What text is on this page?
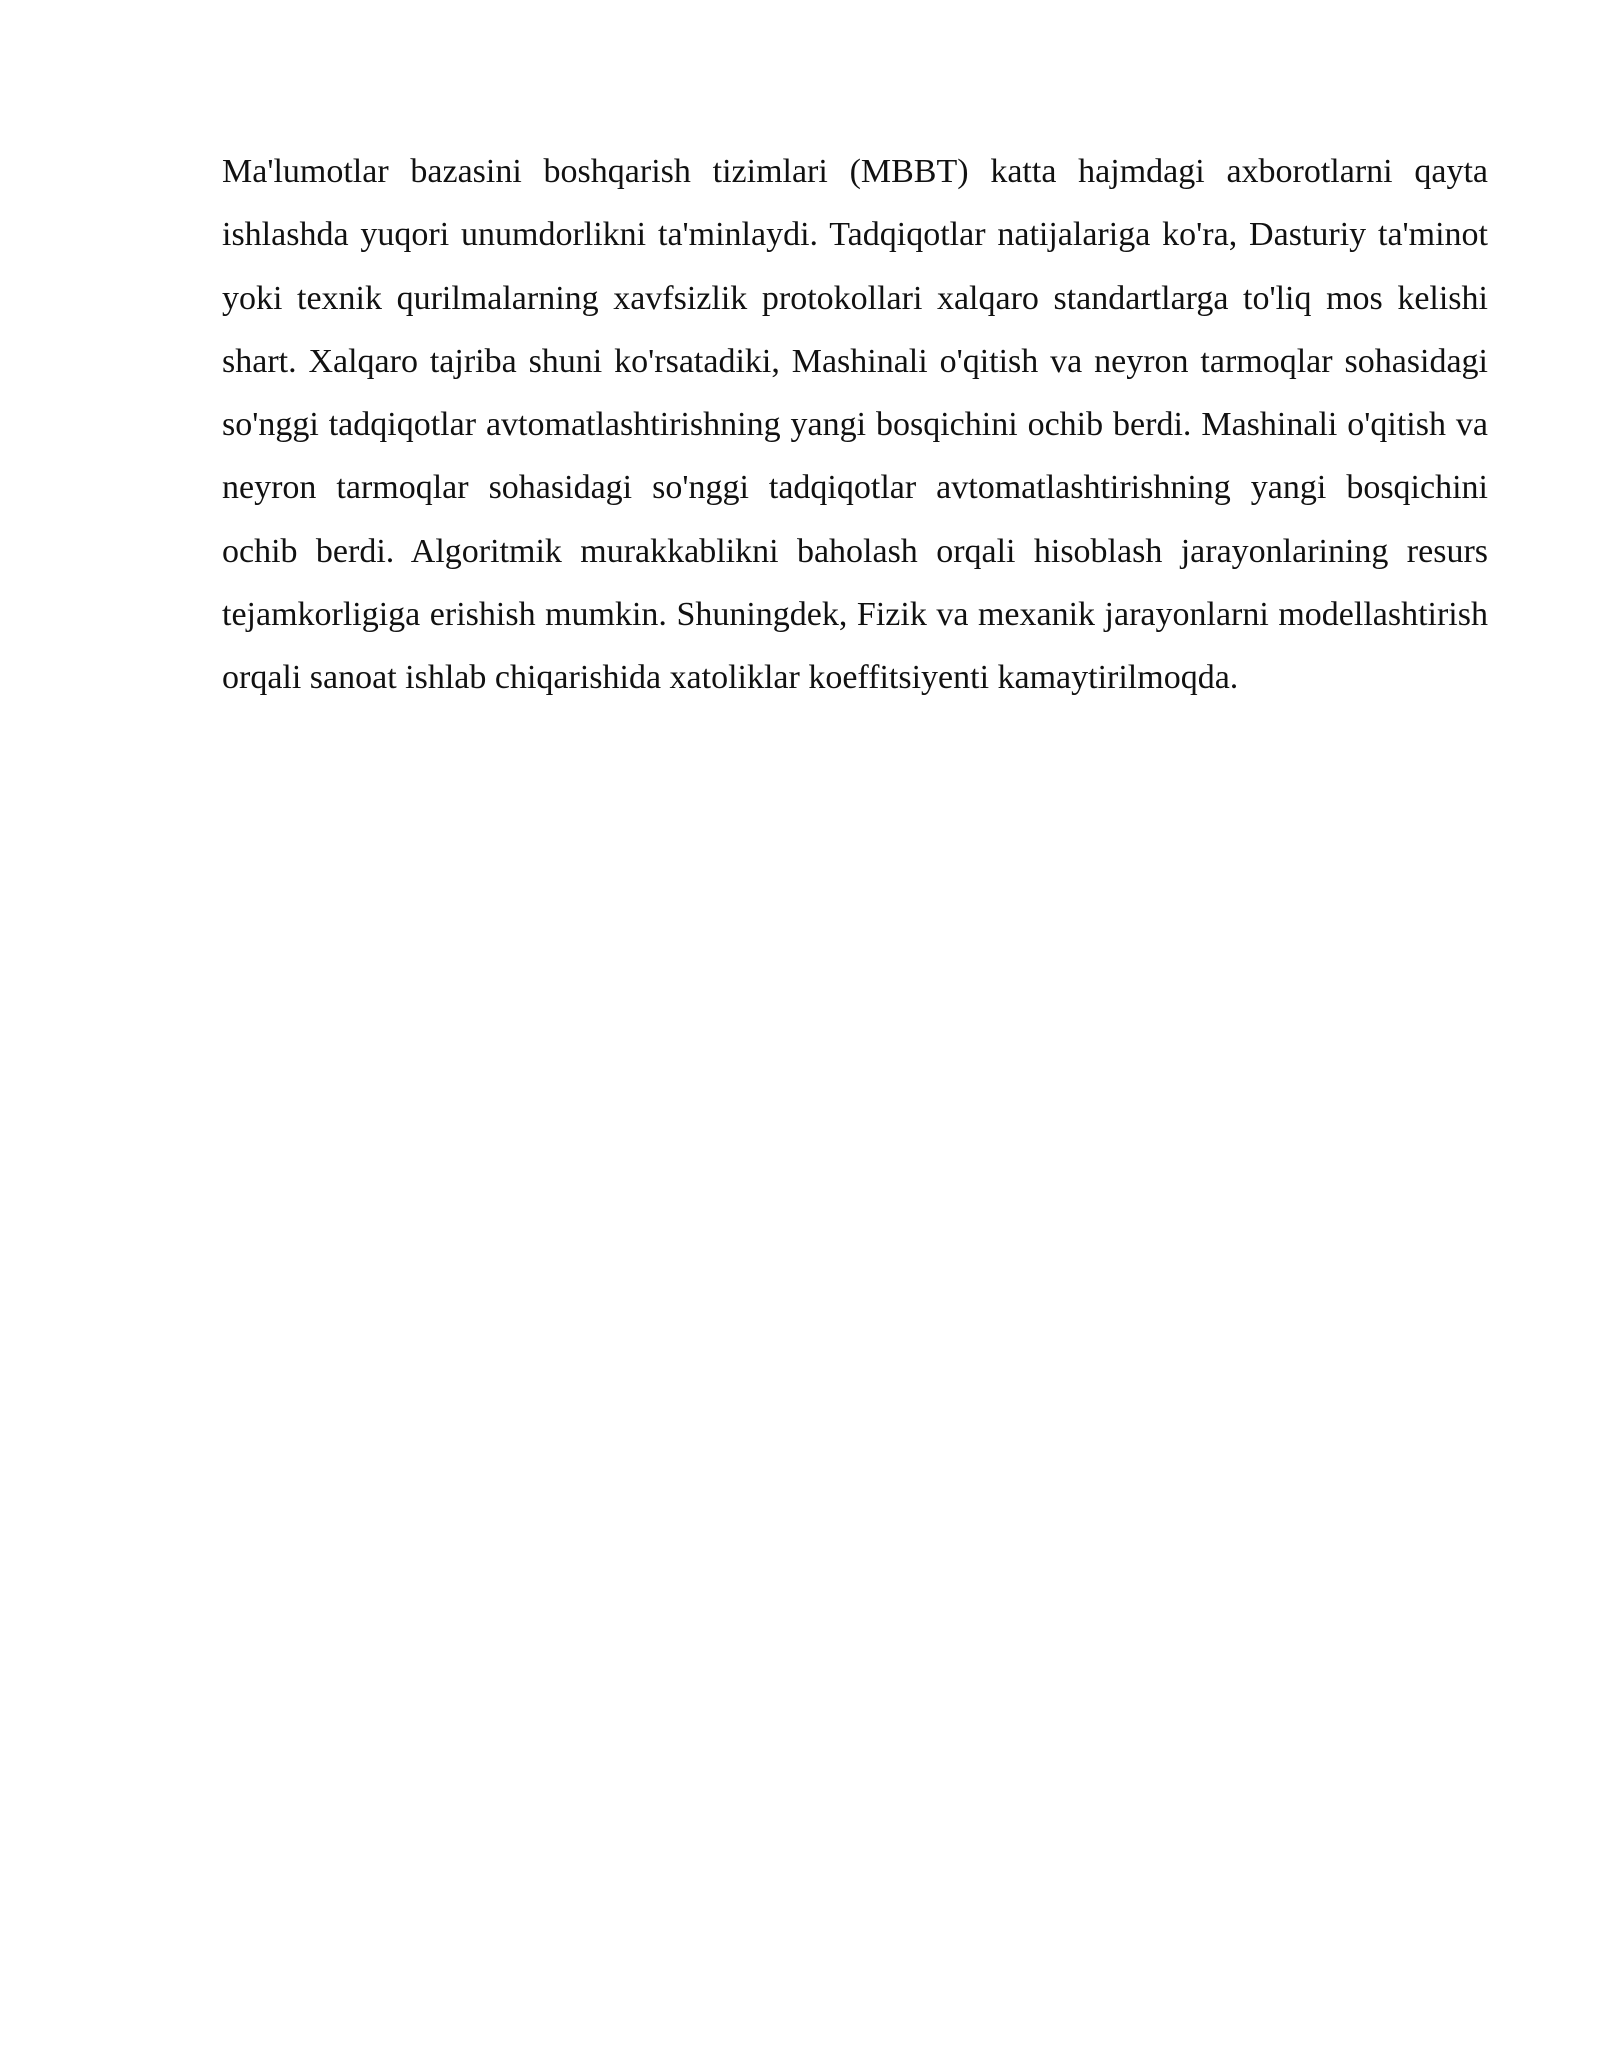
Ma'lumotlar bazasini boshqarish tizimlari (MBBT) katta hajmdagi axborotlarni qayta ishlashda yuqori unumdorlikni ta'minlaydi. Tadqiqotlar natijalariga ko'ra, Dasturiy ta'minot yoki texnik qurilmalarning xavfsizlik protokollari xalqaro standartlarga to'liq mos kelishi shart. Xalqaro tajriba shuni ko'rsatadiki, Mashinali o'qitish va neyron tarmoqlar sohasidagi so'nggi tadqiqotlar avtomatlashtirishning yangi bosqichini ochib berdi. Mashinali o'qitish va neyron tarmoqlar sohasidagi so'nggi tadqiqotlar avtomatlashtirishning yangi bosqichini ochib berdi. Algoritmik murakkablikni baholash orqali hisoblash jarayonlarining resurs tejamkorligiga erishish mumkin. Shuningdek, Fizik va mexanik jarayonlarni modellashtirish orqali sanoat ishlab chiqarishida xatoliklar koeffitsiyenti kamaytirilmoqda.
